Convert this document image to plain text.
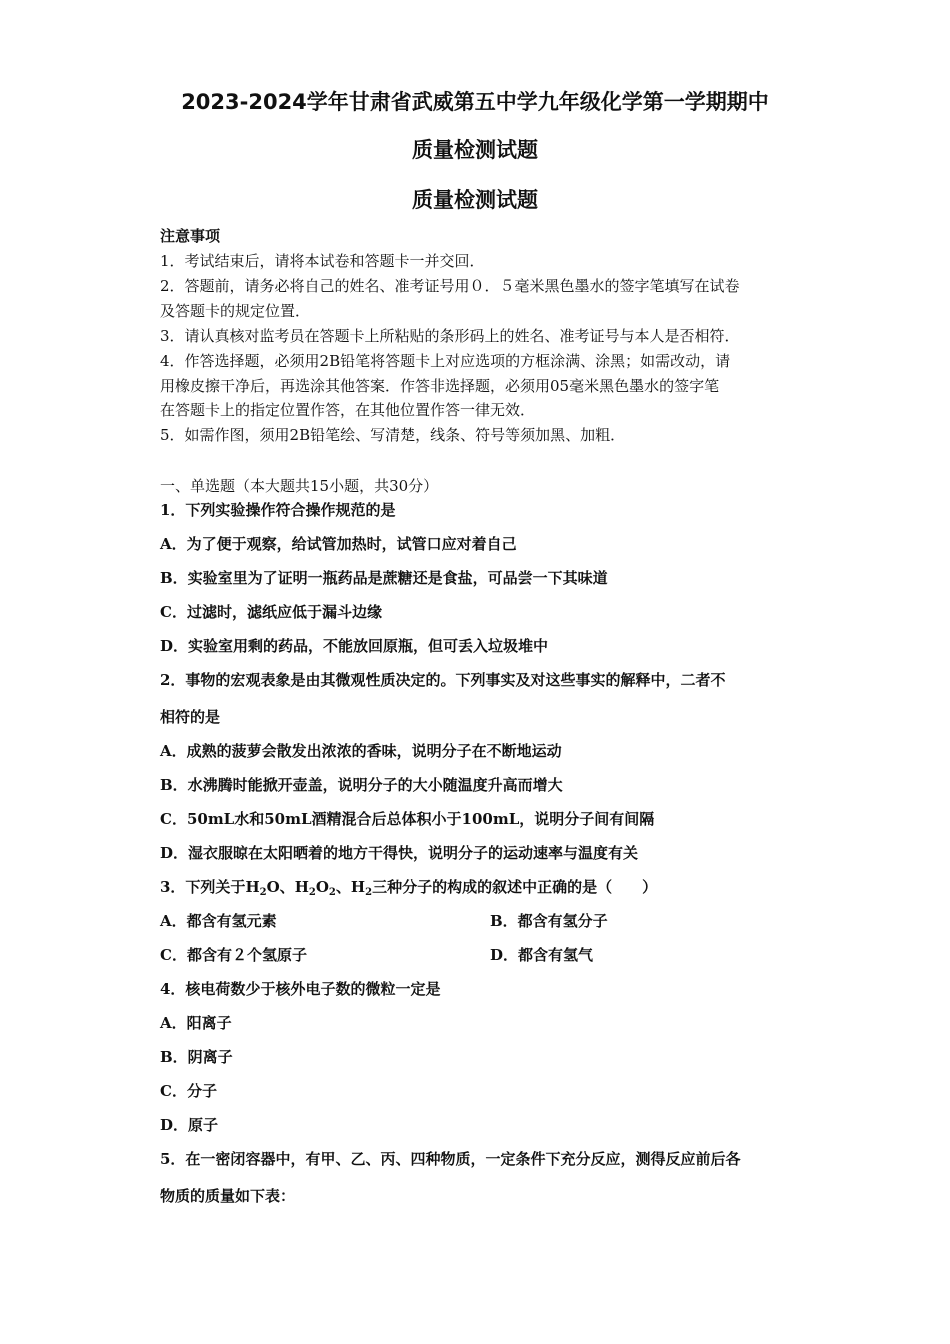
2023-2024学年甘肃省武威第五中学九年级化学第一学期期中
质量检测试题
质量检测试题
注意事项
1．考试结束后，请将本试卷和答题卡一并交回．
2．答题前，请务必将自己的姓名、准考证号用０．５毫米黑色墨水的签字笔填写在试卷
及答题卡的规定位置．
3．请认真核对监考员在答题卡上所粘贴的条形码上的姓名、准考证号与本人是否相符．
4．作答选择题，必须用2B铅笔将答题卡上对应选项的方框涂满、涂黑；如需改动，请
用橡皮擦干净后，再选涂其他答案．作答非选择题，必须用05毫米黑色墨水的签字笔
在答题卡上的指定位置作答，在其他位置作答一律无效．
5．如需作图，须用2B铅笔绘、写清楚，线条、符号等须加黑、加粗．
一、单选题（本大题共15小题，共30分）
1．下列实验操作符合操作规范的是
A．为了便于观察，给试管加热时，试管口应对着自己
B．实验室里为了证明一瓶药品是蔗糖还是食盐，可品尝一下其味道
C．过滤时，滤纸应低于漏斗边缘
D．实验室用剩的药品，不能放回原瓶，但可丢入垃圾堆中
2．事物的宏观表象是由其微观性质决定的。下列事实及对这些事实的解释中，二者不
相符的是
A．成熟的菠萝会散发出浓浓的香味，说明分子在不断地运动
B．水沸腾时能掀开壶盖，说明分子的大小随温度升高而增大
C．50mL水和50mL酒精混合后总体积小于100mL，说明分子间有间隔
D．湿衣服晾在太阳晒着的地方干得快，说明分子的运动速率与温度有关
3．下列关于$H_2O$、$H_2O_2$、$H_2$三种分子的构成的叙述中正确的是（　　）
A．都含有氢元素	B．都含有氢分子
C．都含有２个氢原子	D．都含有氢气
4．核电荷数少于核外电子数的微粒一定是
A．阳离子
B．阴离子
C．分子
D．原子
5．在一密闭容器中，有甲、乙、丙、四种物质，一定条件下充分反应，测得反应前后各
物质的质量如下表：
